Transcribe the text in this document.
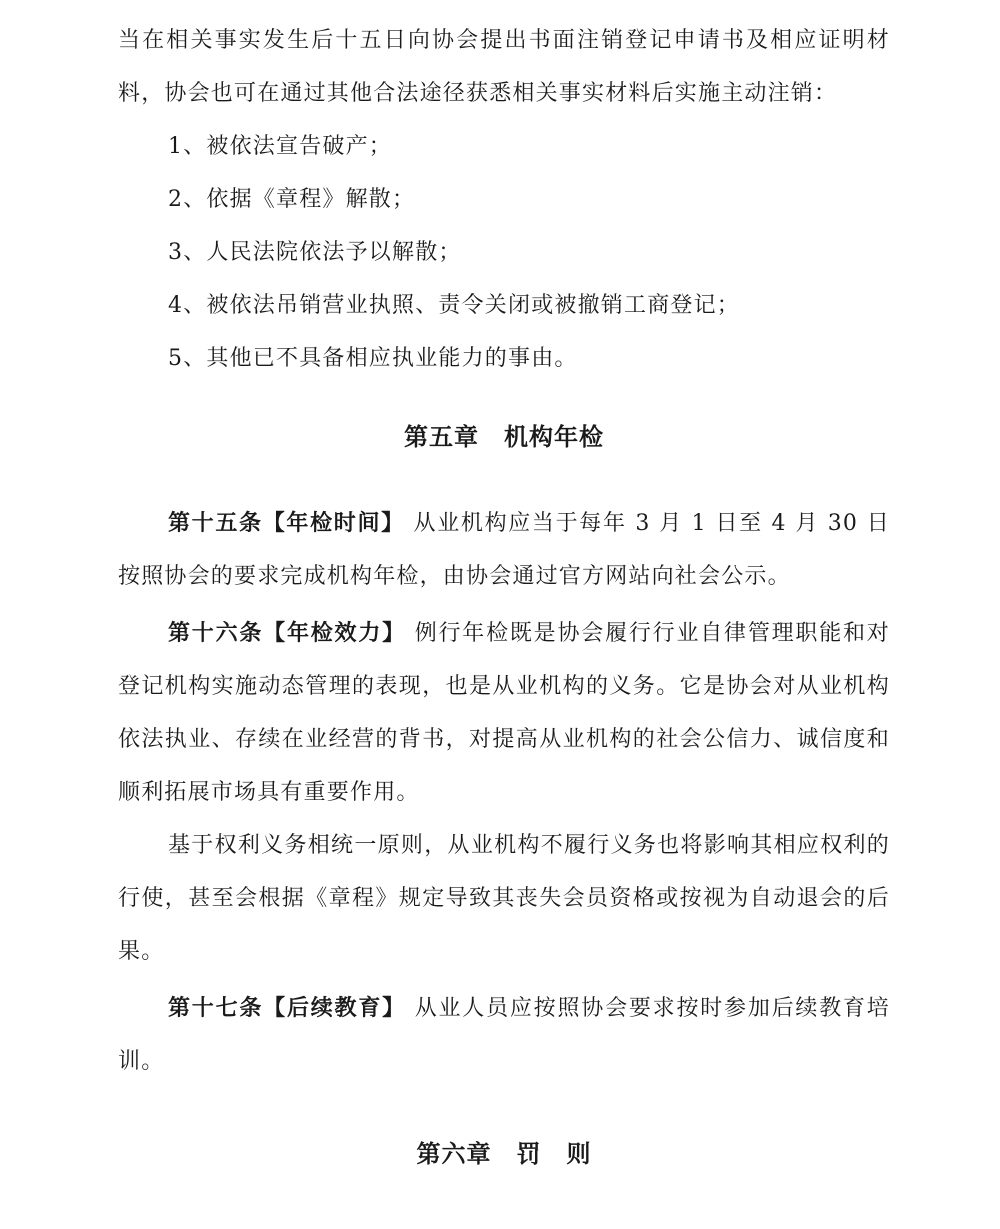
当在相关事实发生后十五日向协会提出书面注销登记申请书及相应证明材料，协会也可在通过其他合法途径获悉相关事实材料后实施主动注销：

1、被依法宣告破产；

2、依据《章程》解散；

3、人民法院依法予以解散；

4、被依法吊销营业执照、责令关闭或被撤销工商登记；

5、其他已不具备相应执业能力的事由。

第五章　机构年检

第十五条【年检时间】 从业机构应当于每年 3 月 1 日至 4 月 30 日按照协会的要求完成机构年检，由协会通过官方网站向社会公示。

第十六条【年检效力】 例行年检既是协会履行行业自律管理职能和对登记机构实施动态管理的表现，也是从业机构的义务。它是协会对从业机构依法执业、存续在业经营的背书，对提高从业机构的社会公信力、诚信度和顺利拓展市场具有重要作用。

基于权利义务相统一原则，从业机构不履行义务也将影响其相应权利的行使，甚至会根据《章程》规定导致其丧失会员资格或按视为自动退会的后果。

第十七条【后续教育】 从业人员应按照协会要求按时参加后续教育培训。

第六章　罚　则
